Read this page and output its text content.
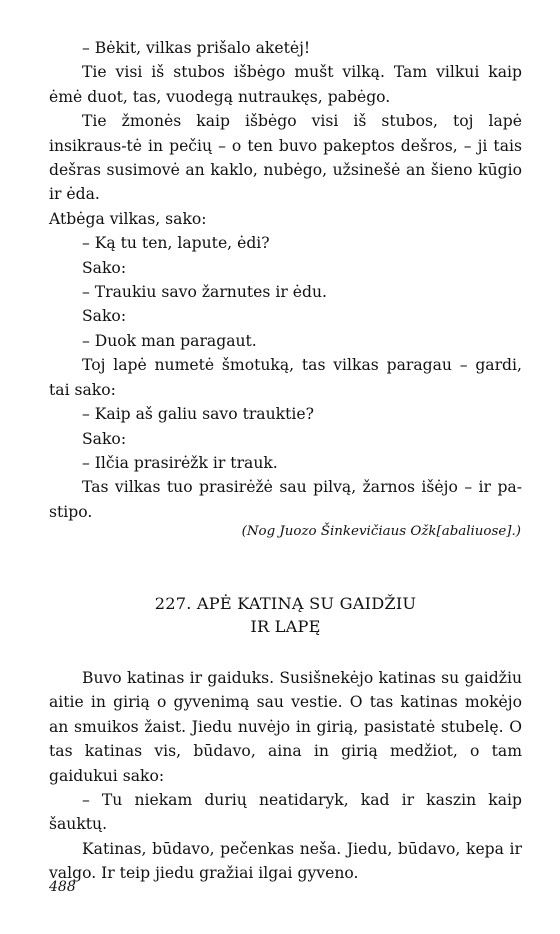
– Bėkit, vilkas prišalo aketėj!

Tie visi iš stubos išbėgo mušt vilką. Tam vilkui kaip ėmė duot, tas, vuodegą nutraukęs, pabėgo.

Tie žmonės kaip išbėgo visi iš stubos, toj lapė insikraus-tė in pečių – o ten buvo pakeptos dešros, – ji tais dešras susimovė an kaklo, nubėgo, užsinešė an šieno kūgio ir ėda.

Atbėga vilkas, sako:

– Ką tu ten, lapute, ėdi?

Sako:

– Traukiu savo žarnutes ir ėdu.

Sako:

– Duok man paragaut.

Toj lapė numetė šmotuką, tas vilkas paragau – gardi, tai sako:

– Kaip aš galiu savo trauktie?

Sako:

– Ilčia prasirėžk ir trauk.

Tas vilkas tuo prasirėžė sau pilvą, žarnos išėjo – ir pa-stipo.

(Nog Juozo Šinkevičiaus Ožk[abaliuose].)
227. APĖ KATINĄ SU GAIDŽIU
IR LAPĘ

Buvo katinas ir gaiduks. Susišnekėjo katinas su gaidžiu aitie in girią o gyvenimą sau vestie. O tas katinas mokėjo an smuikos žaist. Jiedu nuvėjo in girią, pasistatė stubelę. O tas katinas vis, būdavo, aina in girią medžiot, o tam gaidukui sako:

– Tu niekam durių neatidaryk, kad ir kaszin kaip šauktų.

Katinas, būdavo, pečenkas neša. Jiedu, būdavo, kepa ir valgo. Ir teip jiedu gražiai ilgai gyveno.

488
